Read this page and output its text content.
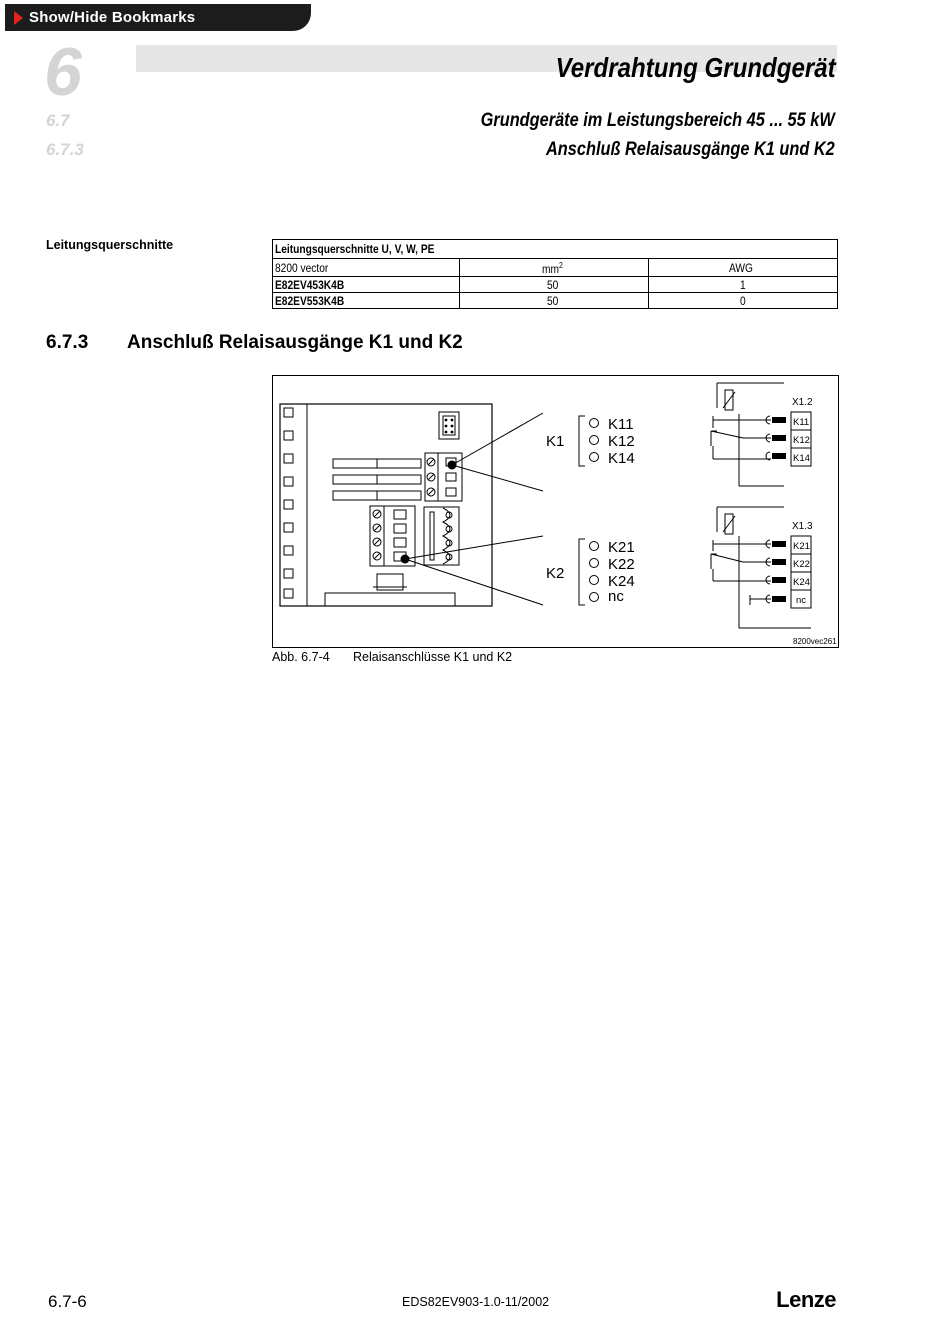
Show/Hide Bookmarks
6
6.7
6.7.3
Verdrahtung Grundgerät
Grundgeräte im Leistungsbereich 45 ... 55 kW
Anschluß Relaisausgänge K1 und K2
Leitungsquerschnitte	Leitungsquerschnitte U, V, W, PE		
8200 vector	$mm^2$	AWG
E82EV453K4B	50	1
E82EV553K4B	50	0
6.7.3 Anschluß Relaisausgänge K1 und K2
K1
K11
K12
K14
K2
K21
K22
K24
nc
X1.2
K11
K12
K14
X1.3
K21
K22
K24
nc
8200vec261
Abb. 6.7-4 Relaisanschlüsse K1 und K2
6.7-6	EDS82EV903-1.0-11/2002	Lenze
